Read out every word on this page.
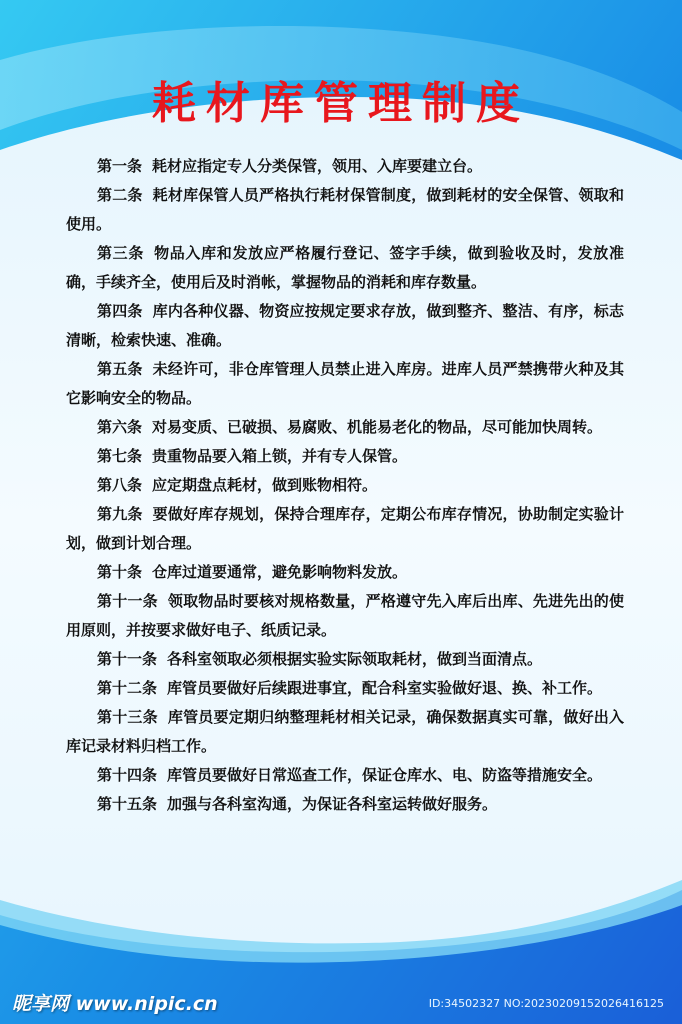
耗材库管理制度
第一条 耗材应指定专人分类保管，领用、入库要建立台。
第二条 耗材库保管人员严格执行耗材保管制度，做到耗材的安全保管、领取和使用。
第三条 物品入库和发放应严格履行登记、签字手续，做到验收及时，发放准确，手续齐全，使用后及时消帐，掌握物品的消耗和库存数量。
第四条 库内各种仪器、物资应按规定要求存放，做到整齐、整洁、有序，标志清晰，检索快速、准确。
第五条 未经许可，非仓库管理人员禁止进入库房。进库人员严禁携带火种及其它影响安全的物品。
第六条 对易变质、已破损、易腐败、机能易老化的物品，尽可能加快周转。
第七条 贵重物品要入箱上锁，并有专人保管。
第八条 应定期盘点耗材，做到账物相符。
第九条 要做好库存规划，保持合理库存，定期公布库存情况，协助制定实验计划，做到计划合理。
第十条 仓库过道要通常，避免影响物料发放。
第十一条 领取物品时要核对规格数量，严格遵守先入库后出库、先进先出的使用原则，并按要求做好电子、纸质记录。
第十一条 各科室领取必须根据实验实际领取耗材，做到当面清点。
第十二条 库管员要做好后续跟进事宜，配合科室实验做好退、换、补工作。
第十三条 库管员要定期归纳整理耗材相关记录，确保数据真实可靠，做好出入库记录材料归档工作。
第十四条 库管员要做好日常巡查工作，保证仓库水、电、防盗等措施安全。
第十五条 加强与各科室沟通，为保证各科室运转做好服务。
昵享网 www.nipic.cn	ID:34502327 NO:20230209152026416125
